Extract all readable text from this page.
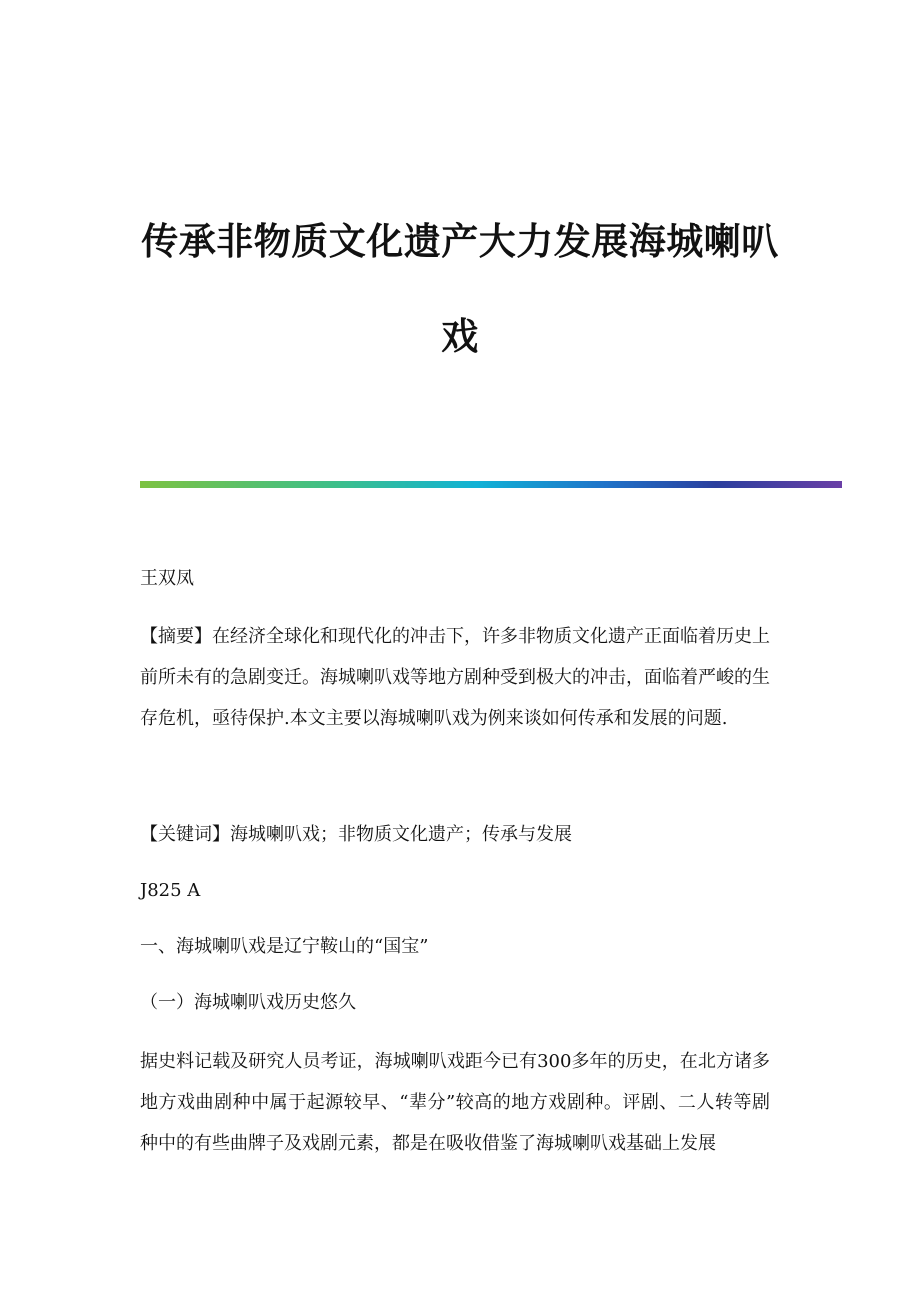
传承非物质文化遗产大力发展海城喇叭
戏
王双凤
【摘要】在经济全球化和现代化的冲击下，许多非物质文化遗产正面临着历史上前所未有的急剧变迁。海城喇叭戏等地方剧种受到极大的冲击，面临着严峻的生存危机，亟待保护.本文主要以海城喇叭戏为例来谈如何传承和发展的问题.
【关键词】海城喇叭戏；非物质文化遗产；传承与发展
J825 A
一、海城喇叭戏是辽宁鞍山的“国宝”
（一）海城喇叭戏历史悠久
据史料记载及研究人员考证，海城喇叭戏距今已有300多年的历史，在北方诸多地方戏曲剧种中属于起源较早、“辈分”较高的地方戏剧种。评剧、二人转等剧种中的有些曲牌子及戏剧元素，都是在吸收借鉴了海城喇叭戏基础上发展
